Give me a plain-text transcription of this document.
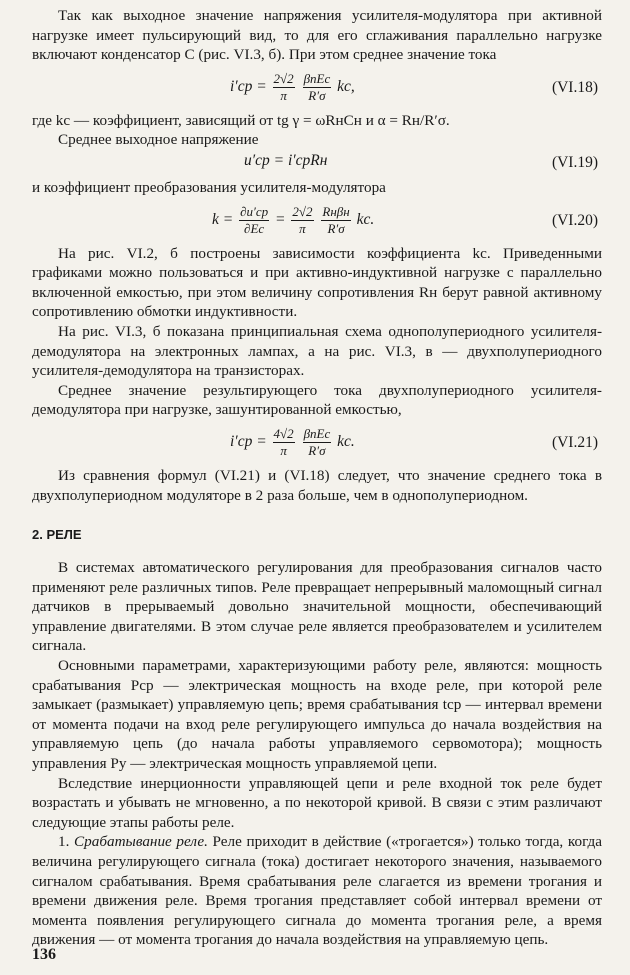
Так как выходное значение напряжения усилителя-модулятора при активной нагрузке имеет пульсирующий вид, то для его сглаживания параллельно нагрузке включают конденсатор C (рис. VI.3, б). При этом среднее значение тока

$i'ср = \frac{2√2}{\pi}$
$\frac{\text{βnEc}}{R'\sigma}$ kc,	(VI.18)

где kc — коэффициент, зависящий от tg γ = ωRнCн и α = Rн/R′σ.

Среднее выходное напряжение

u′ср = i′срRн	(VI.19)

и коэффициент преобразования усилителя-модулятора

$k = \frac{\partial u'ср}{\partial Ec} = \frac{2√2}{\pi}$
$\frac{\text{Rнβн}}{R'\sigma}$ kc.	(VI.20)

На рис. VI.2, б построены зависимости коэффициента kc. Приведенными графиками можно пользоваться и при активно-индуктивной нагрузке с параллельно включенной емкостью, при этом величину сопротивления Rн берут равной активному сопротивлению обмотки индуктивности.

На рис. VI.3, б показана принципиальная схема однополупериодного усилителя-демодулятора на электронных лампах, а на рис. VI.3, в — двухполупериодного усилителя-демодулятора на транзисторах.

Среднее значение результирующего тока двухполупериодного усилителя-демодулятора при нагрузке, зашунтированной емкостью,

$i'ср = \frac{4√2}{\pi}$
$\frac{\text{βnEc}}{R'\sigma}$ kc.	(VI.21)

Из сравнения формул (VI.21) и (VI.18) следует, что значение среднего тока в двухполупериодном модуляторе в 2 раза больше, чем в однополупериодном.

2. РЕЛЕ

В системах автоматического регулирования для преобразования сигналов часто применяют реле различных типов. Реле превращает непрерывный маломощный сигнал датчиков в прерываемый довольно значительной мощности, обеспечивающий управление двигателями. В этом случае реле является преобразователем и усилителем сигнала.

Основными параметрами, характеризующими работу реле, являются: мощность срабатывания Pср — электрическая мощность на входе реле, при которой реле замыкает (размыкает) управляемую цепь; время срабатывания tср — интервал времени от момента подачи на вход реле регулирующего импульса до начала воздействия на управляемую цепь (до начала работы управляемого сервомотора); мощность управления Pу — электрическая мощность управляемой цепи.

Вследствие инерционности управляющей цепи и реле входной ток реле будет возрастать и убывать не мгновенно, а по некоторой кривой. В связи с этим различают следующие этапы работы реле.

1. Срабатывание реле. Реле приходит в действие («трогается») только тогда, когда величина регулирующего сигнала (тока) достигает некоторого значения, называемого сигналом срабатывания. Время срабатывания реле слагается из времени трогания и времени движения реле. Время трогания представляет собой интервал времени от момента появления регулирующего сигнала до момента трогания реле, а время движения — от момента трогания до начала воздействия на управляемую цепь.

136
